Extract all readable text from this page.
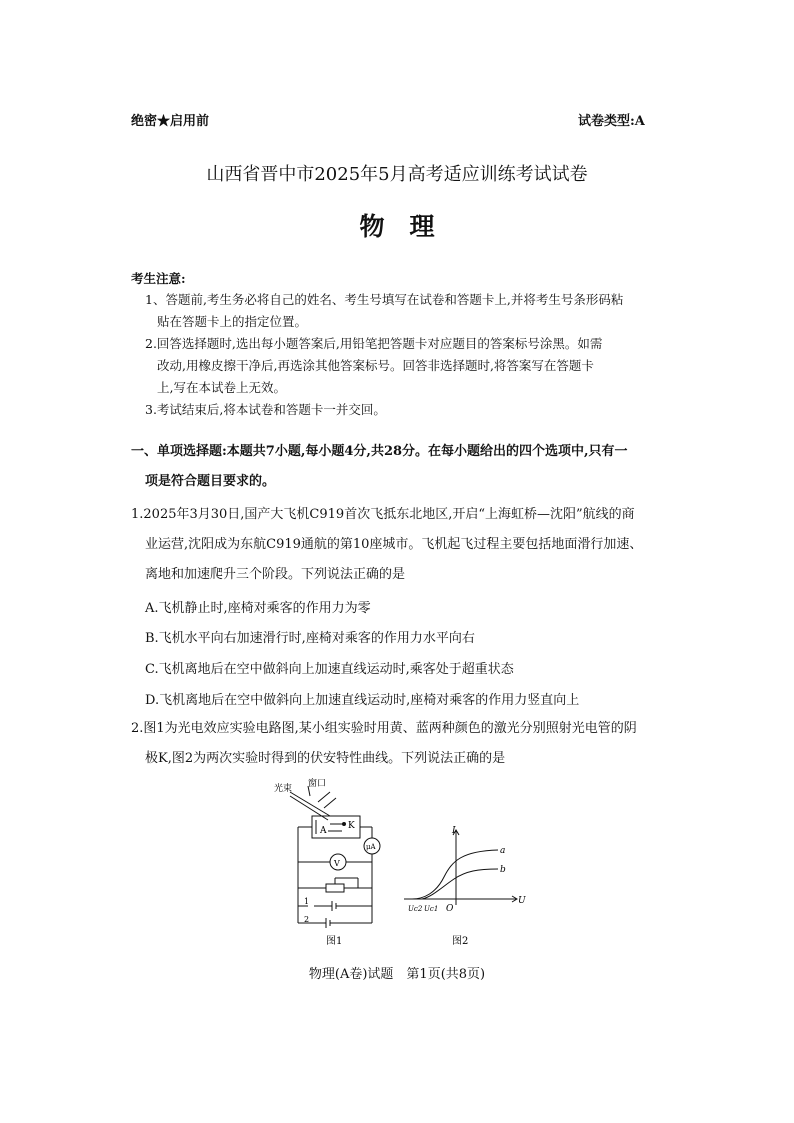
绝密★启用前	试卷类型:A
山西省晋中市2025年5月高考适应训练考试试卷
物　理
考生注意:
1、答题前,考生务必将自己的姓名、考生号填写在试卷和答题卡上,并将考生号条形码粘
贴在答题卡上的指定位置。
2.回答选择题时,选出每小题答案后,用铅笔把答题卡对应题目的答案标号涂黑。如需
改动,用橡皮擦干净后,再选涂其他答案标号。回答非选择题时,将答案写在答题卡
上,写在本试卷上无效。
3.考试结束后,将本试卷和答题卡一并交回。
一、单项选择题:本题共7小题,每小题4分,共28分。在每小题给出的四个选项中,只有一
项是符合题目要求的。
1.2025年3月30日,国产大飞机C919首次飞抵东北地区,开启“上海虹桥—沈阳”航线的商
业运营,沈阳成为东航C919通航的第10座城市。飞机起飞过程主要包括地面滑行加速、
离地和加速爬升三个阶段。下列说法正确的是
A.飞机静止时,座椅对乘客的作用力为零
B.飞机水平向右加速滑行时,座椅对乘客的作用力水平向右
C.飞机离地后在空中做斜向上加速直线运动时,乘客处于超重状态
D.飞机离地后在空中做斜向上加速直线运动时,座椅对乘客的作用力竖直向上
2.图1为光电效应实验电路图,某小组实验时用黄、蓝两种颜色的激光分别照射光电管的阴
极K,图2为两次实验时得到的伏安特性曲线。下列说法正确的是
光束 窗口
A K
V
μA
1
2
图1
I
U
O
Uc2 Uc1
a
b
图2
物理(A卷)试题　第1页(共8页)
